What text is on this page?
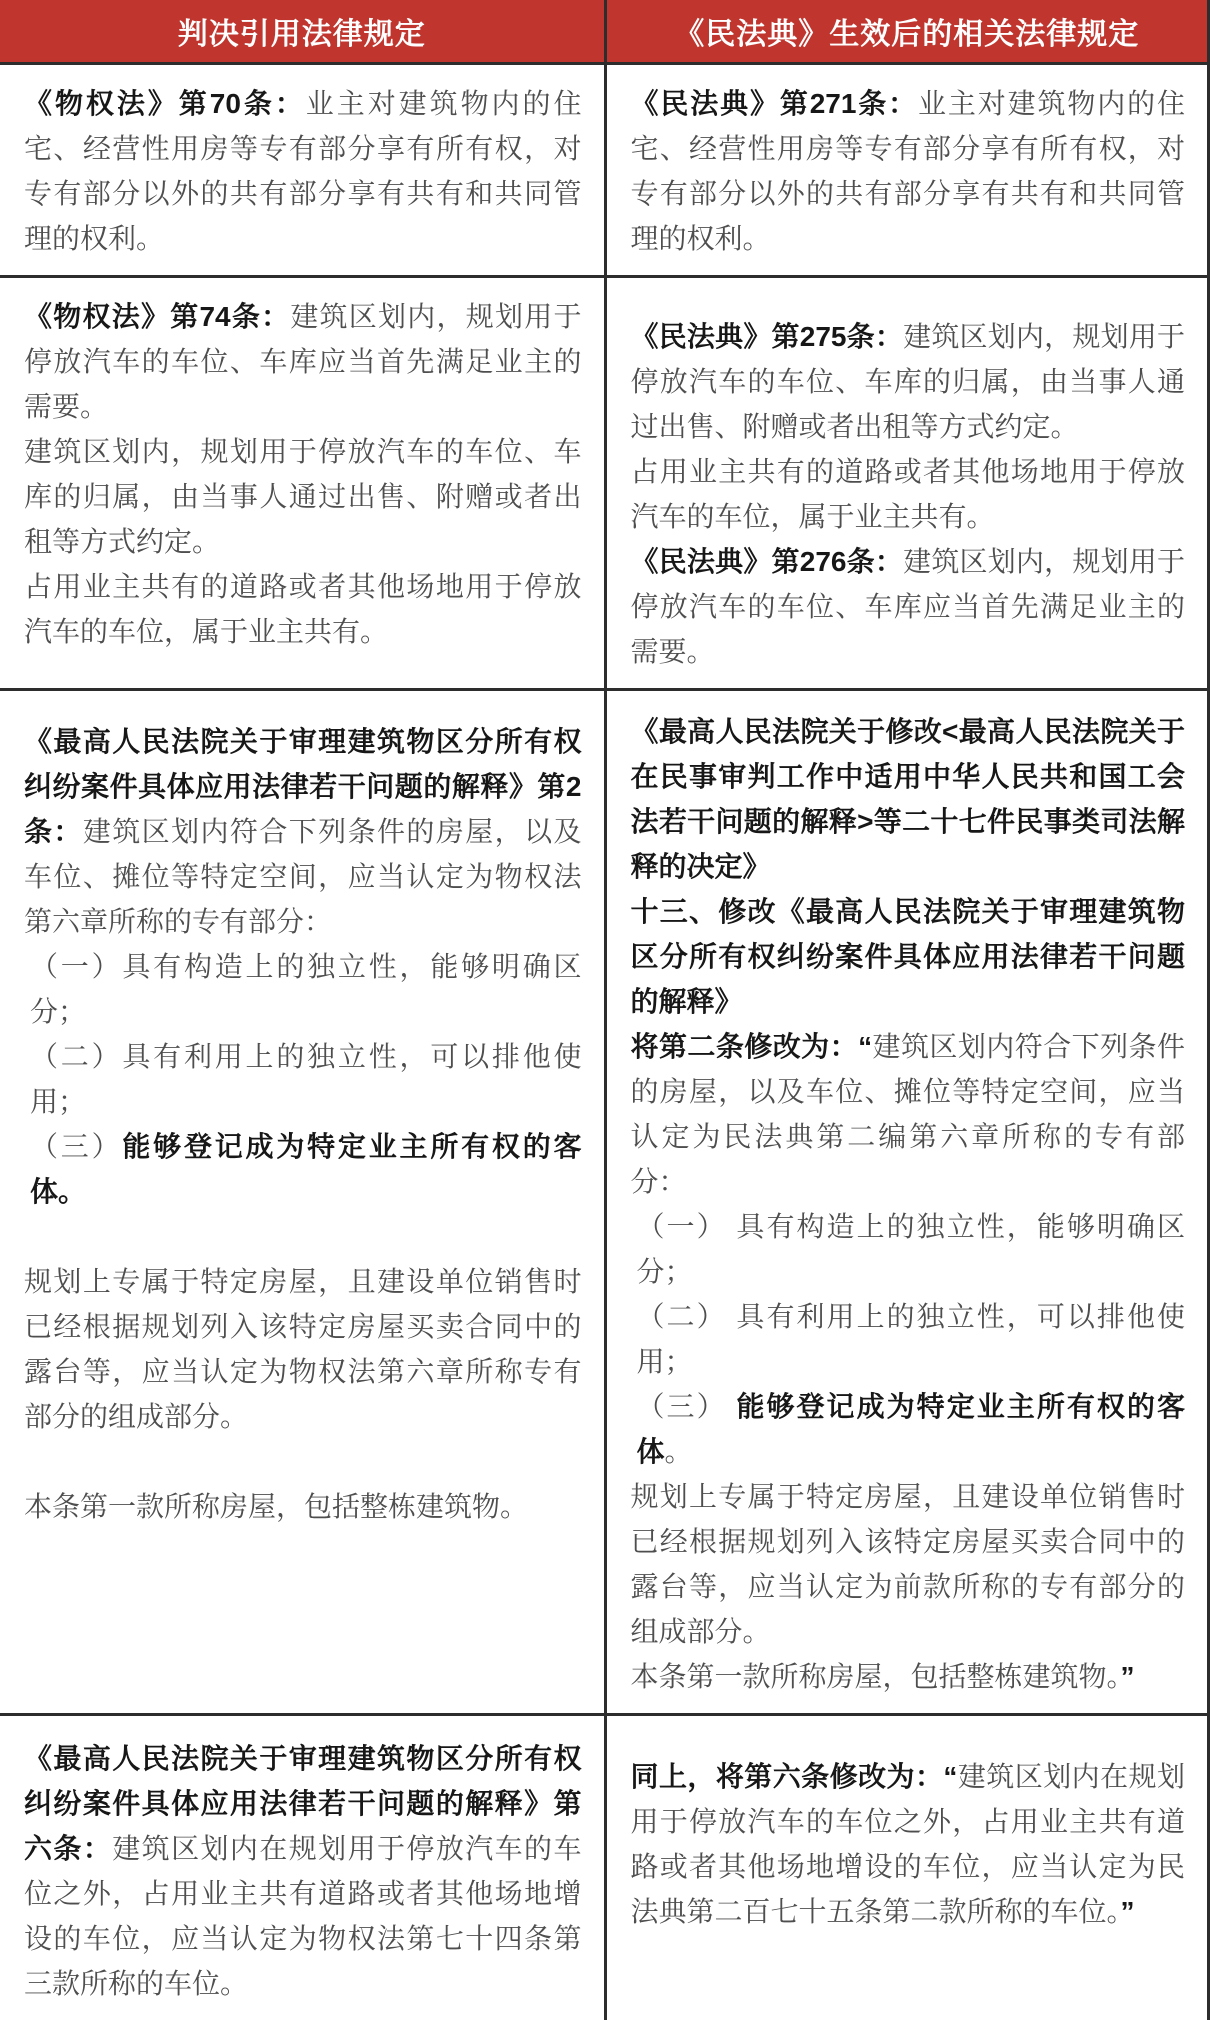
判决引用法律规定	《民法典》生效后的相关法律规定

《物权法》第70条：业主对建筑物内的住宅、经营性用房等专有部分享有所有权，对专有部分以外的共有部分享有共有和共同管理的权利。

《民法典》第271条：业主对建筑物内的住宅、经营性用房等专有部分享有所有权，对专有部分以外的共有部分享有共有和共同管理的权利。

《物权法》第74条：建筑区划内，规划用于停放汽车的车位、车库应当首先满足业主的需要。

建筑区划内，规划用于停放汽车的车位、车库的归属，由当事人通过出售、附赠或者出租等方式约定。

占用业主共有的道路或者其他场地用于停放汽车的车位，属于业主共有。

《民法典》第275条：建筑区划内，规划用于停放汽车的车位、车库的归属，由当事人通过出售、附赠或者出租等方式约定。

占用业主共有的道路或者其他场地用于停放汽车的车位，属于业主共有。

《民法典》第276条：建筑区划内，规划用于停放汽车的车位、车库应当首先满足业主的需要。

《最高人民法院关于审理建筑物区分所有权纠纷案件具体应用法律若干问题的解释》第2条：建筑区划内符合下列条件的房屋，以及车位、摊位等特定空间，应当认定为物权法第六章所称的专有部分：

（一）具有构造上的独立性，能够明确区分；

（二）具有利用上的独立性，可以排他使用；

（三）能够登记成为特定业主所有权的客体。

规划上专属于特定房屋，且建设单位销售时已经根据规划列入该特定房屋买卖合同中的露台等，应当认定为物权法第六章所称专有部分的组成部分。

本条第一款所称房屋，包括整栋建筑物。

《最高人民法院关于修改<最高人民法院关于在民事审判工作中适用中华人民共和国工会法若干问题的解释>等二十七件民事类司法解释的决定》

十三、修改《最高人民法院关于审理建筑物区分所有权纠纷案件具体应用法律若干问题的解释》

将第二条修改为：“建筑区划内符合下列条件的房屋，以及车位、摊位等特定空间，应当认定为民法典第二编第六章所称的专有部分：

（一） 具有构造上的独立性，能够明确区分；

（二） 具有利用上的独立性，可以排他使用；

（三） 能够登记成为特定业主所有权的客体。

规划上专属于特定房屋，且建设单位销售时已经根据规划列入该特定房屋买卖合同中的露台等，应当认定为前款所称的专有部分的组成部分。

本条第一款所称房屋，包括整栋建筑物。”

《最高人民法院关于审理建筑物区分所有权纠纷案件具体应用法律若干问题的解释》第六条：建筑区划内在规划用于停放汽车的车位之外，占用业主共有道路或者其他场地增设的车位，应当认定为物权法第七十四条第三款所称的车位。

同上，将第六条修改为：“建筑区划内在规划用于停放汽车的车位之外，占用业主共有道路或者其他场地增设的车位，应当认定为民法典第二百七十五条第二款所称的车位。”
